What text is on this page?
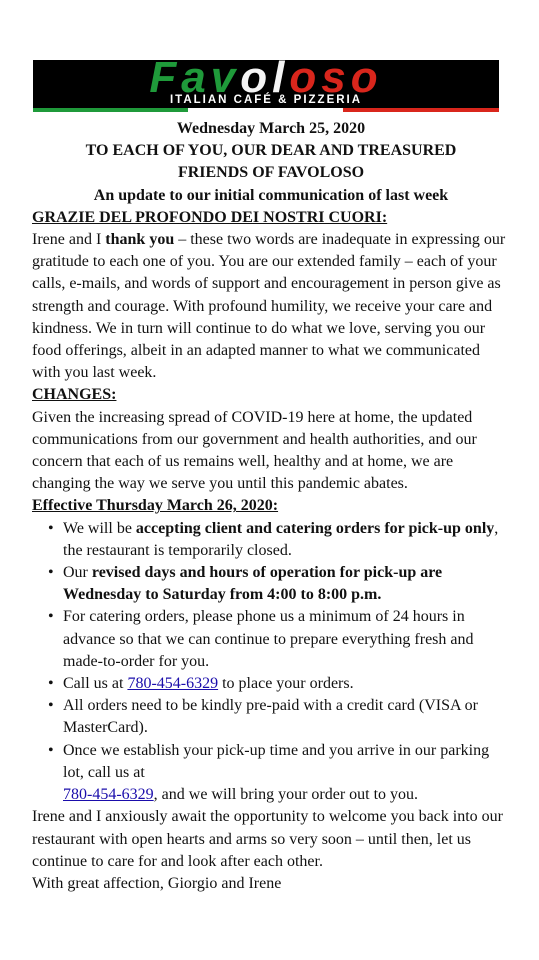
Favoloso
ITALIAN CAFÉ & PIZZERIA

Wednesday March 25, 2020

TO EACH OF YOU, OUR DEAR AND TREASURED

FRIENDS OF FAVOLOSO

An update to our initial communication of last week

GRAZIE DEL PROFONDO DEI NOSTRI CUORI:

Irene and I thank you – these two words are inadequate in expressing our gratitude to each one of you. You are our extended family – each of your calls, e-mails, and words of support and encouragement in person give as strength and courage. With profound humility, we receive your care and kindness. We in turn will continue to do what we love, serving you our food offerings, albeit in an adapted manner to what we communicated with you last week.

CHANGES:

Given the increasing spread of COVID-19 here at home, the updated communications from our government and health authorities, and our concern that each of us remains well, healthy and at home, we are changing the way we serve you until this pandemic abates.

Effective Thursday March 26, 2020:

• We will be accepting client and catering orders for pick-up only, the restaurant is temporarily closed.
• Our revised days and hours of operation for pick-up are Wednesday to Saturday from 4:00 to 8:00 p.m.
• For catering orders, please phone us a minimum of 24 hours in advance so that we can continue to prepare everything fresh and made-to-order for you.
• Call us at 780-454-6329 to place your orders.
• All orders need to be kindly pre-paid with a credit card (VISA or MasterCard).
• Once we establish your pick-up time and you arrive in our parking lot, call us at
780-454-6329, and we will bring your order out to you.

Irene and I anxiously await the opportunity to welcome you back into our restaurant with open hearts and arms so very soon – until then, let us continue to care for and look after each other.

With great affection, Giorgio and Irene
